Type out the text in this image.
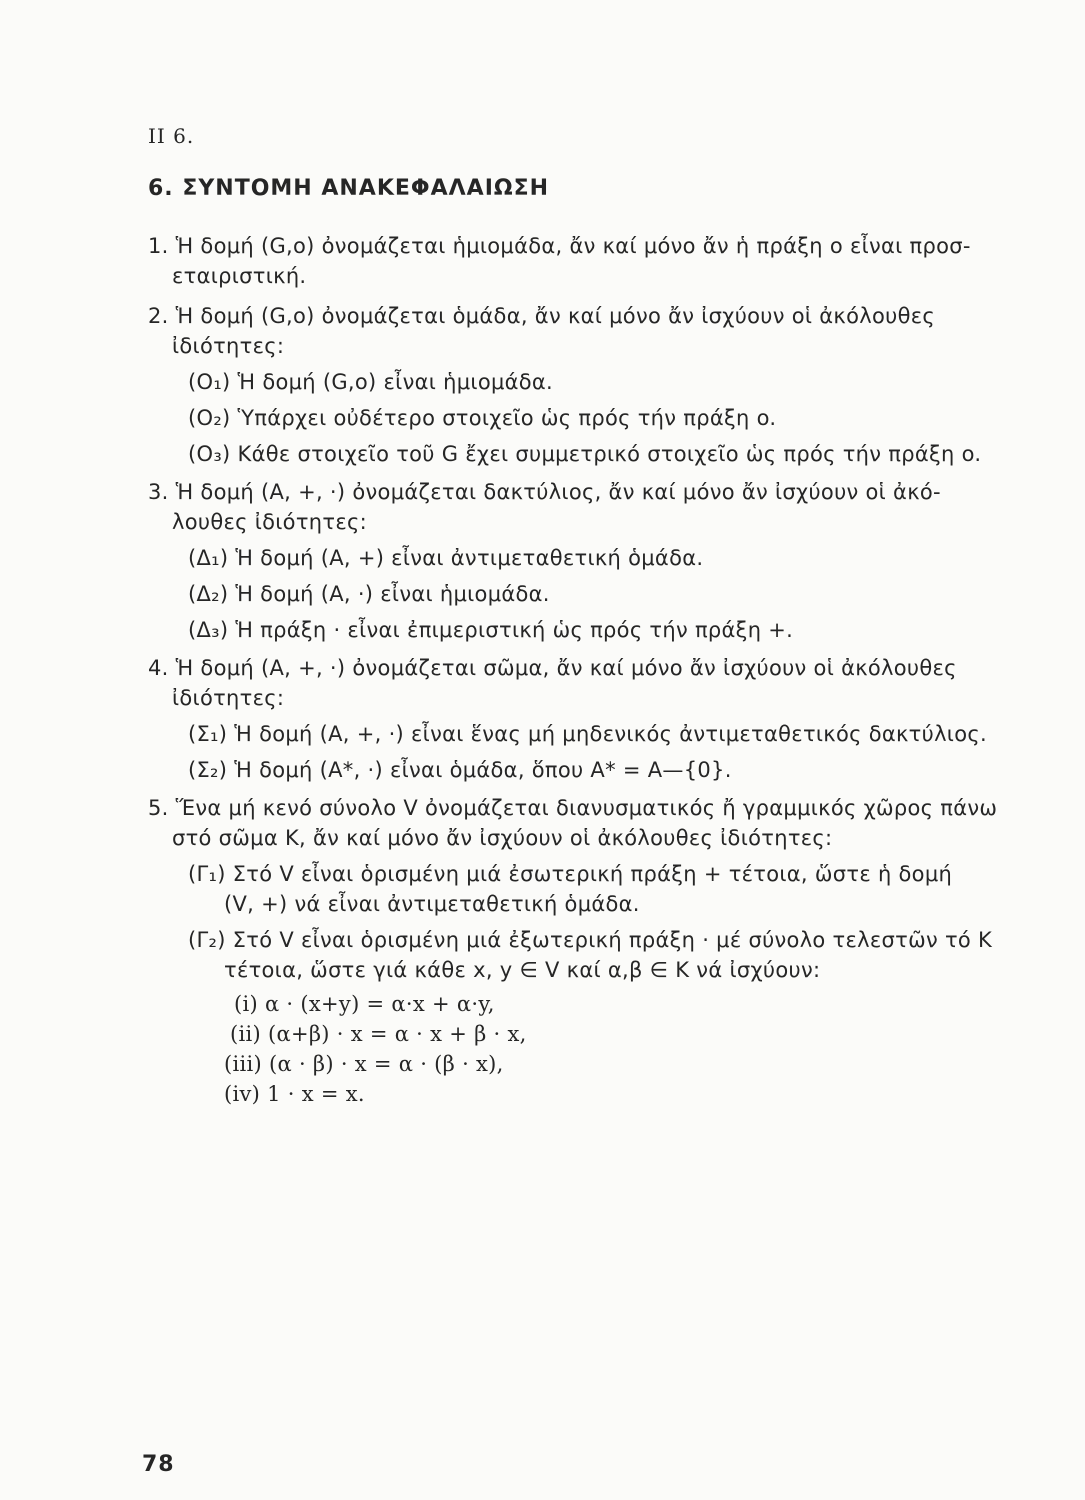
II 6.
6. ΣΥΝΤΟΜΗ ΑΝΑΚΕΦΑΛΑΙΩΣΗ
1. Ἡ δομή (G,o) ὀνομάζεται ἡμιομάδα, ἄν καί μόνο ἄν ἡ πράξη o εἶναι προσ-
εταιριστική.
2. Ἡ δομή (G,o) ὀνομάζεται ὁμάδα, ἄν καί μόνο ἄν ἰσχύουν οἱ ἀκόλουθες
ἰδιότητες:
(O₁) Ἡ δομή (G,o) εἶναι ἡμιομάδα.
(O₂) Ὑπάρχει οὐδέτερο στοιχεῖο ὡς πρός τήν πράξη o.
(O₃) Κάθε στοιχεῖο τοῦ G ἔχει συμμετρικό στοιχεῖο ὡς πρός τήν πράξη o.
3. Ἡ δομή (A, +, ·) ὀνομάζεται δακτύλιος, ἄν καί μόνο ἄν ἰσχύουν οἱ ἀκό-
λουθες ἰδιότητες:
(Δ₁) Ἡ δομή (A, +) εἶναι ἀντιμεταθετική ὁμάδα.
(Δ₂) Ἡ δομή (A, ·) εἶναι ἡμιομάδα.
(Δ₃) Ἡ πράξη · εἶναι ἐπιμεριστική ὡς πρός τήν πράξη +.
4. Ἡ δομή (A, +, ·) ὀνομάζεται σῶμα, ἄν καί μόνο ἄν ἰσχύουν οἱ ἀκόλουθες
ἰδιότητες:
(Σ₁) Ἡ δομή (A, +, ·) εἶναι ἕνας μή μηδενικός ἀντιμεταθετικός δακτύλιος.
(Σ₂) Ἡ δομή (A*, ·) εἶναι ὁμάδα, ὅπου A* = A—{0}.
5. Ἕνα μή κενό σύνολο V ὀνομάζεται διανυσματικός ἤ γραμμικός χῶρος πάνω
στό σῶμα K, ἄν καί μόνο ἄν ἰσχύουν οἱ ἀκόλουθες ἰδιότητες:
(Γ₁) Στό V εἶναι ὁρισμένη μιά ἐσωτερική πράξη + τέτοια, ὥστε ἡ δομή
(V, +) νά εἶναι ἀντιμεταθετική ὁμάδα.
(Γ₂) Στό V εἶναι ὁρισμένη μιά ἐξωτερική πράξη · μέ σύνολο τελεστῶν τό K
τέτοια, ὥστε γιά κάθε x, y ∈ V καί α,β ∈ K νά ἰσχύουν:
(i) α · (x+y) = α·x + α·y,
(ii) (α+β) · x = α · x + β · x,
(iii) (α · β) · x = α · (β · x),
(iv) 1 · x = x.
78
